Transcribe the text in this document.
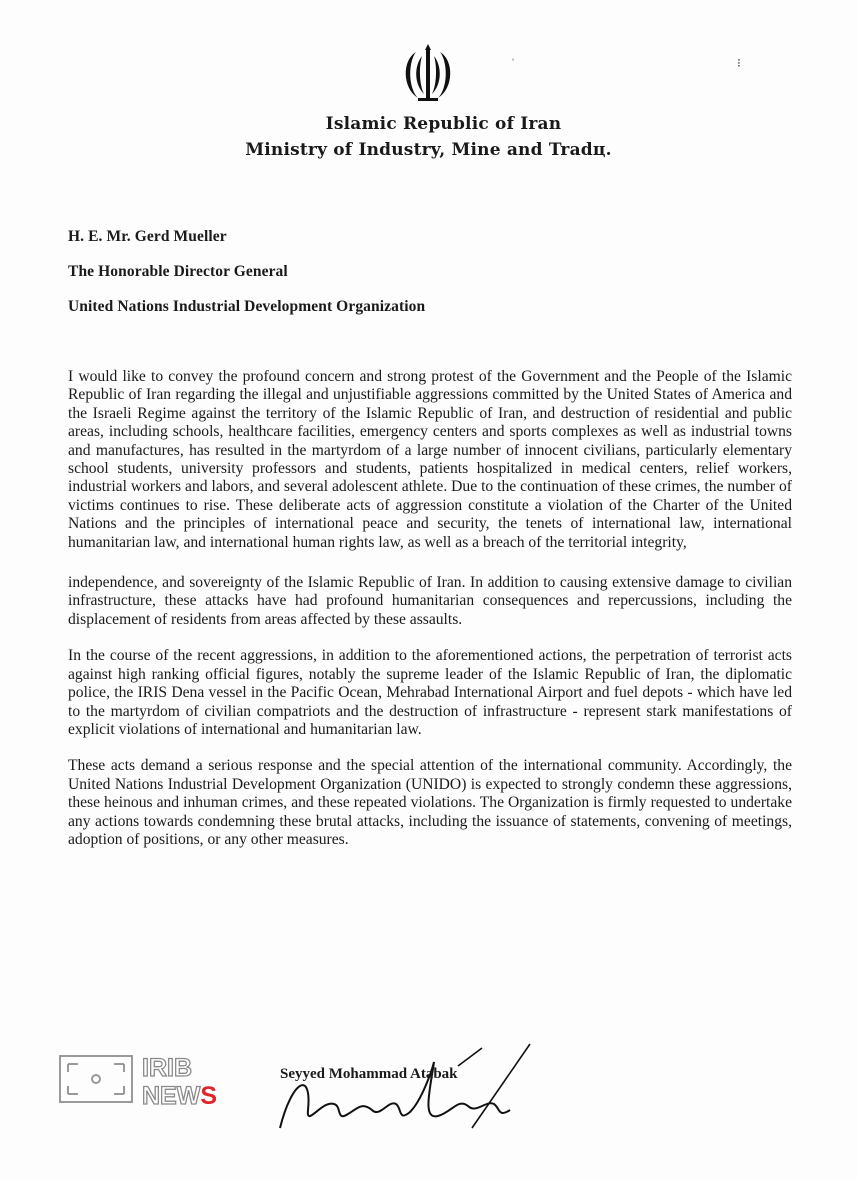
Islamic Republic of Iran
Ministry of Industry, Mine and Tradц.
H. E. Mr. Gerd Mueller
The Honorable Director General
United Nations Industrial Development Organization

I would like to convey the profound concern and strong protest of the Government and the People of the Islamic Republic of Iran regarding the illegal and unjustifiable aggressions committed by the United States of America and the Israeli Regime against the territory of the Islamic Republic of Iran, and destruction of residential and public areas, including schools, healthcare facilities, emergency centers and sports complexes as well as industrial towns and manufactures, has resulted in the martyrdom of a large number of innocent civilians, particularly elementary school students, university professors and students, patients hospitalized in medical centers, relief workers, industrial workers and labors, and several adolescent athlete. Due to the continuation of these crimes, the number of victims continues to rise. These deliberate acts of aggression constitute a violation of the Charter of the United Nations and the principles of international peace and security, the tenets of international law, international humanitarian law, and international human rights law, as well as a breach of the territorial integrity,

independence, and sovereignty of the Islamic Republic of Iran. In addition to causing extensive damage to civilian infrastructure, these attacks have had profound humanitarian consequences and repercussions, including the displacement of residents from areas affected by these assaults.

In the course of the recent aggressions, in addition to the aforementioned actions, the perpetration of terrorist acts against high ranking official figures, notably the supreme leader of the Islamic Republic of Iran, the diplomatic police, the IRIS Dena vessel in the Pacific Ocean, Mehrabad International Airport and fuel depots - which have led to the martyrdom of civilian compatriots and the destruction of infrastructure - represent stark manifestations of explicit violations of international and humanitarian law.

These acts demand a serious response and the special attention of the international community. Accordingly, the United Nations Industrial Development Organization (UNIDO) is expected to strongly condemn these aggressions, these heinous and inhuman crimes, and these repeated violations. The Organization is firmly requested to undertake any actions towards condemning these brutal attacks, including the issuance of statements, convening of meetings, adoption of positions, or any other measures.

IRIB
NEWS
Seyyed Mohammad Atabak
⁝
ˈ
